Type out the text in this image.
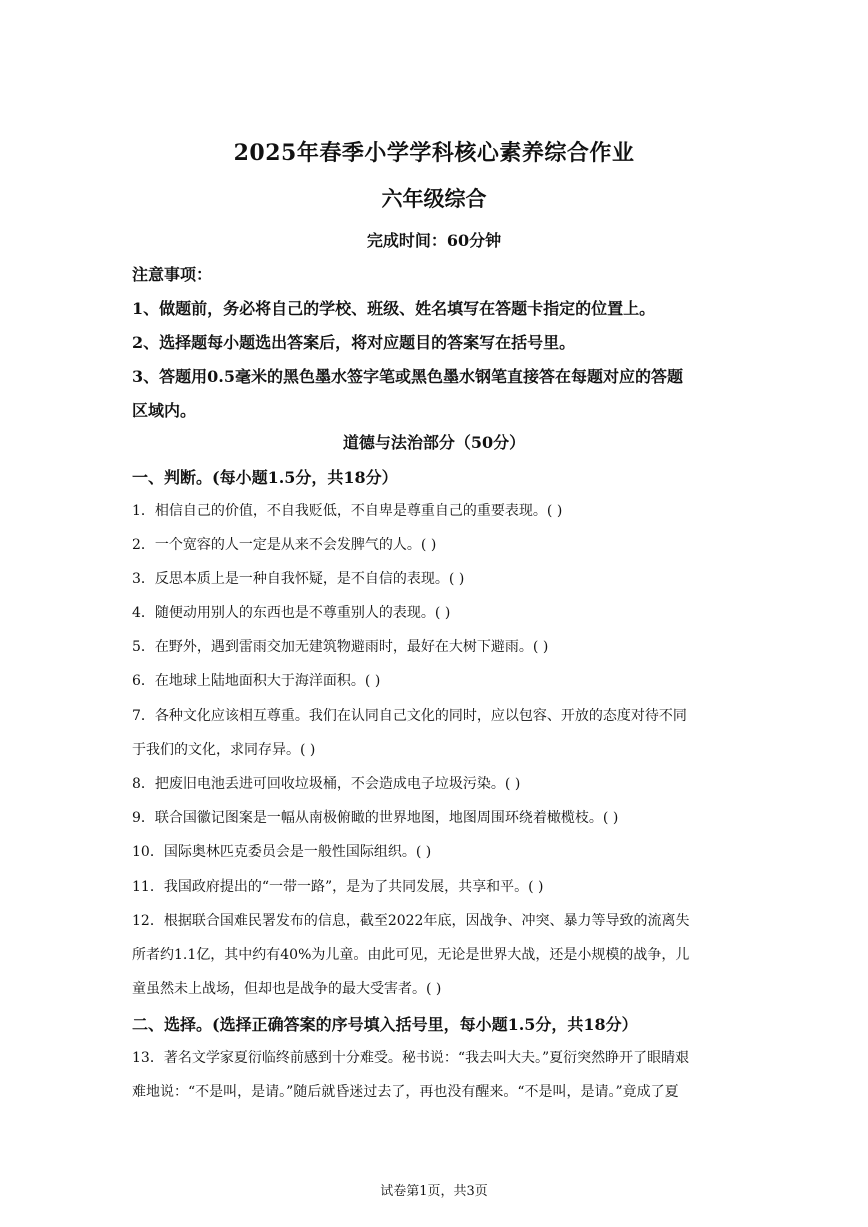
2025年春季小学学科核心素养综合作业
六年级综合
完成时间：60分钟
注意事项：
1、做题前，务必将自己的学校、班级、姓名填写在答题卡指定的位置上。
2、选择题每小题选出答案后，将对应题目的答案写在括号里。
3、答题用0.5毫米的黑色墨水签字笔或黑色墨水钢笔直接答在每题对应的答题
区域内。
道德与法治部分（50分）
一、判断。(每小题1.5分，共18分）
1．相信自己的价值，不自我贬低，不自卑是尊重自己的重要表现。( )
2．一个宽容的人一定是从来不会发脾气的人。( )
3．反思本质上是一种自我怀疑，是不自信的表现。( )
4．随便动用别人的东西也是不尊重别人的表现。( )
5．在野外，遇到雷雨交加无建筑物避雨时，最好在大树下避雨。( )
6．在地球上陆地面积大于海洋面积。( )
7．各种文化应该相互尊重。我们在认同自己文化的同时，应以包容、开放的态度对待不同
于我们的文化，求同存异。( )
8．把废旧电池丢进可回收垃圾桶，不会造成电子垃圾污染。( )
9．联合国徽记图案是一幅从南极俯瞰的世界地图，地图周围环绕着橄榄枝。( )
10．国际奥林匹克委员会是一般性国际组织。( )
11．我国政府提出的“一带一路”，是为了共同发展，共享和平。( )
12．根据联合国难民署发布的信息，截至2022年底，因战争、冲突、暴力等导致的流离失
所者约1.1亿，其中约有40%为儿童。由此可见，无论是世界大战，还是小规模的战争，儿
童虽然未上战场，但却也是战争的最大受害者。( )
二、选择。(选择正确答案的序号填入括号里，每小题1.5分，共18分）
13．著名文学家夏衍临终前感到十分难受。秘书说：“我去叫大夫。”夏衍突然睁开了眼睛艰
难地说：“不是叫，是请。”随后就昏迷过去了，再也没有醒来。“不是叫，是请。”竟成了夏
试卷第1页，共3页
